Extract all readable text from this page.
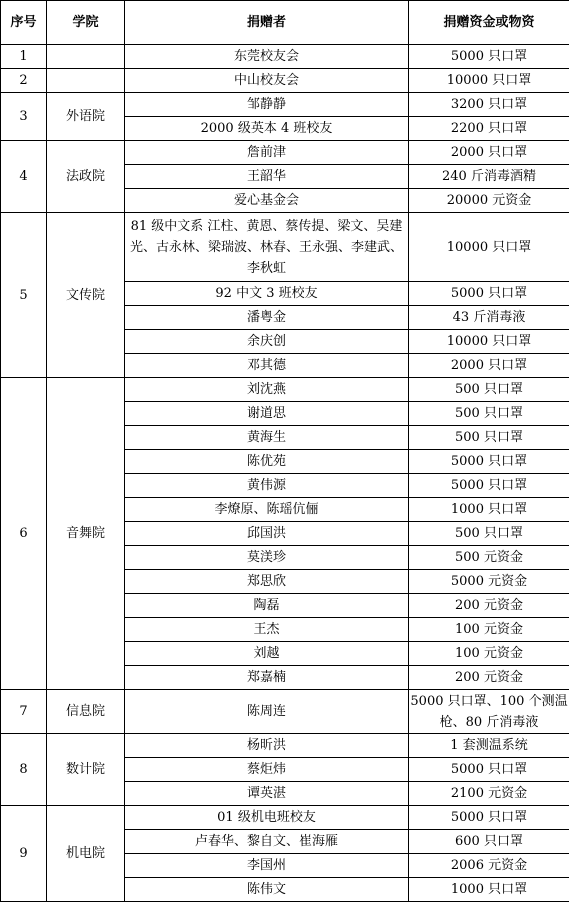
序号	学院	捐赠者	捐赠资金或物资
1		东莞校友会	5000 只口罩
2		中山校友会	10000 只口罩
3	外语院	邹静静	3200 只口罩
		2000 级英本 4 班校友	2200 只口罩
4	法政院	詹前津	2000 只口罩
		王韶华	240 斤消毒酒精
		爱心基金会	20000 元资金
5	文传院	81 级中文系 江柱、黄恩、蔡传提、梁文、吴建光、古永林、梁瑞波、林春、王永强、李建武、李秋虹	10000 只口罩
		92 中文 3 班校友	5000 只口罩
		潘粤金	43 斤消毒液
		余庆创	10000 只口罩
		邓其德	2000 只口罩
6	音舞院	刘沈燕	500 只口罩
		谢道思	500 只口罩
		黄海生	500 只口罩
		陈优苑	5000 只口罩
		黄伟源	5000 只口罩
		李燎原、陈瑶伉俪	1000 只口罩
		邱国洪	500 只口罩
		莫渼珍	500 元资金
		郑思欣	5000 元资金
		陶磊	200 元资金
		王杰	100 元资金
		刘越	100 元资金
		郑嘉楠	200 元资金
7	信息院	陈周连	5000 只口罩、100 个测温枪、80 斤消毒液
8	数计院	杨昕洪	1 套测温系统
		蔡炬炜	5000 只口罩
		谭英湛	2100 元资金
9	机电院	01 级机电班校友	5000 只口罩
		卢春华、黎自文、崔海雁	600 只口罩
		李国州	2006 元资金
		陈伟文	1000 只口罩
